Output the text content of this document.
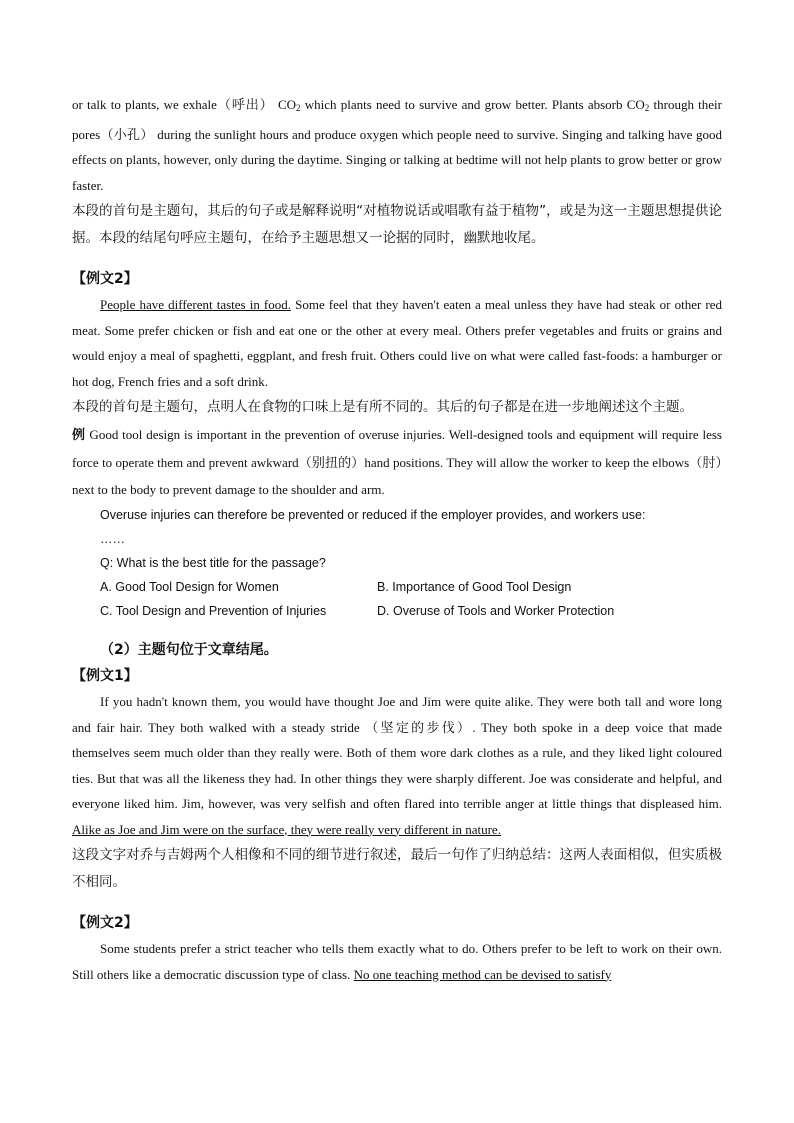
or talk to plants, we exhale（呼出） $CO_2$ which plants need to survive and grow better. Plants absorb $CO_2$ through their pores（小孔） during the sunlight hours and produce oxygen which people need to survive. Singing and talking have good effects on plants, however, only during the daytime. Singing or talking at bedtime will not help plants to grow better or grow faster.

本段的首句是主题句，其后的句子或是解释说明“对植物说话或唱歌有益于植物”，或是为这一主题思想提供论据。本段的结尾句呼应主题句，在给予主题思想又一论据的同时，幽默地收尾。

【例文2】

People have different tastes in food. Some feel that they haven't eaten a meal unless they have had steak or other red meat. Some prefer chicken or fish and eat one or the other at every meal. Others prefer vegetables and fruits or grains and would enjoy a meal of spaghetti, eggplant, and fresh fruit. Others could live on what were called fast-foods: a hamburger or hot dog, French fries and a soft drink.

本段的首句是主题句，点明人在食物的口味上是有所不同的。其后的句子都是在进一步地阐述这个主题。

例 Good tool design is important in the prevention of overuse injuries. Well-designed tools and equipment will require less force to operate them and prevent awkward（别扭的）hand positions. They will allow the worker to keep the elbows（肘）next to the body to prevent damage to the shoulder and arm.

Overuse injuries can therefore be prevented or reduced if the employer provides, and workers use:

……

Q: What is the best title for the passage?

A. Good Tool Design for Women	B. Importance of Good Tool Design
C. Tool Design and Prevention of Injuries	D. Overuse of Tools and Worker Protection

（2）主题句位于文章结尾。

【例文1】

If you hadn't known them, you would have thought Joe and Jim were quite alike. They were both tall and wore long and fair hair. They both walked with a steady stride （坚定的步伐）. They both spoke in a deep voice that made themselves seem much older than they really were. Both of them wore dark clothes as a rule, and they liked light coloured ties. But that was all the likeness they had. In other things they were sharply different. Joe was considerate and helpful, and everyone liked him. Jim, however, was very selfish and often flared into terrible anger at little things that displeased him. Alike as Joe and Jim were on the surface, they were really very different in nature.

这段文字对乔与吉姆两个人相像和不同的细节进行叙述，最后一句作了归纳总结：这两人表面相似，但实质极不相同。

【例文2】

Some students prefer a strict teacher who tells them exactly what to do. Others prefer to be left to work on their own. Still others like a democratic discussion type of class. No one teaching method can be devised to satisfy
